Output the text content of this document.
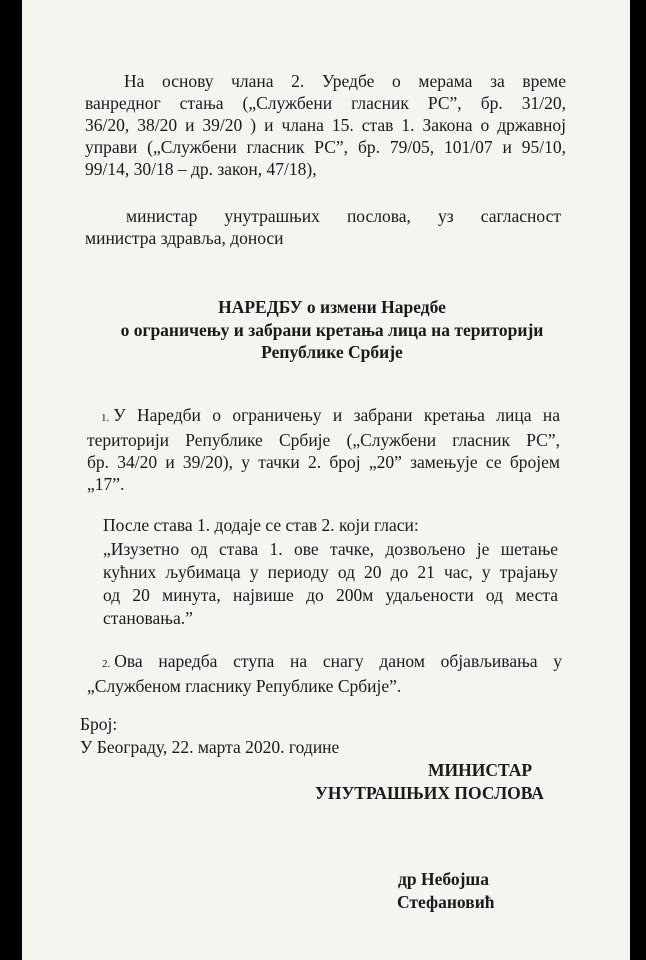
На основу члана 2. Уредбе о мерама за време
ванредног стања („Службени гласник РС”, бр. 31/20,
36/20, 38/20 и 39/20 ) и члана 15. став 1. Закона о државној
управи („Службени гласник РС”, бр. 79/05, 101/07 и 95/10,
99/14, 30/18 – др. закон, 47/18),
министар унутрашњих послова, уз сагласност
министра здравља, доноси
НАРЕДБУ о измени Наредбе
о ограничењу и забрани кретања лица на територији
Републике Србије
1. У Наредби о ограничењу и забрани кретања лица на
територији Републике Србије („Службени гласник РС”,
бр. 34/20 и 39/20), у тачки 2. број „20” замењује се бројем
„17”.
После става 1. додаје се став 2. који гласи:
„Изузетно од става 1. ове тачке, дозвољено је шетање
кућних љубимаца у периоду од 20 до 21 час, у трајању
од 20 минута, највише до 200м удаљености од места
становања.”
2. Ова наредба ступа на снагу даном објављивања у
„Службеном гласнику Републике Србије”.
Број:
У Београду, 22. марта 2020. године
МИНИСТАР
УНУТРАШЊИХ ПОСЛОВА
др Небојша
Стефановић
